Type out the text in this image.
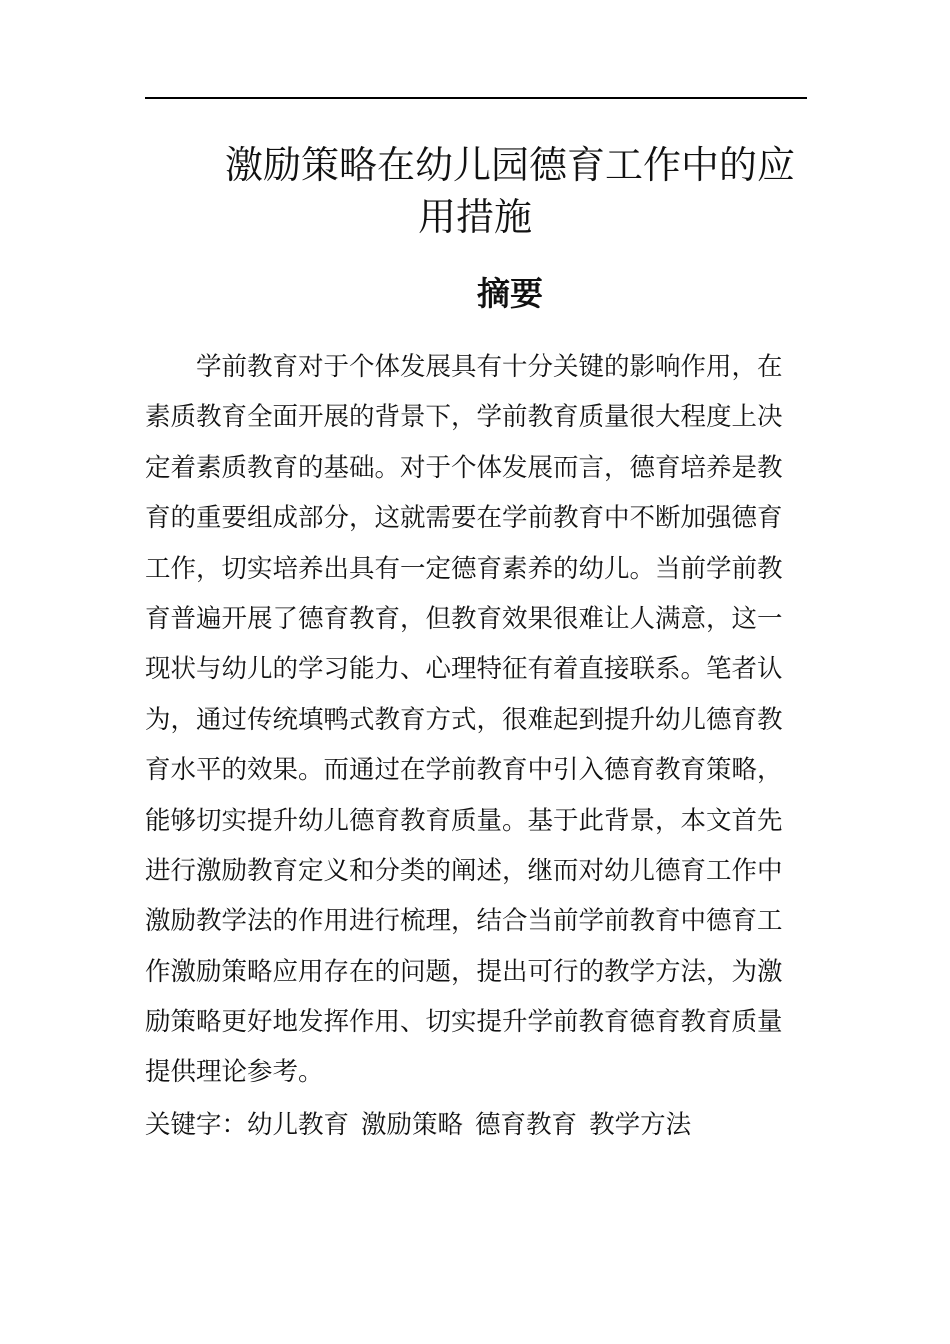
激励策略在幼儿园德育工作中的应
用措施
摘要
学前教育对于个体发展具有十分关键的影响作用，在
素质教育全面开展的背景下，学前教育质量很大程度上决
定着素质教育的基础。对于个体发展而言，德育培养是教
育的重要组成部分，这就需要在学前教育中不断加强德育
工作，切实培养出具有一定德育素养的幼儿。当前学前教
育普遍开展了德育教育，但教育效果很难让人满意，这一
现状与幼儿的学习能力、心理特征有着直接联系。笔者认
为，通过传统填鸭式教育方式，很难起到提升幼儿德育教
育水平的效果。而通过在学前教育中引入德育教育策略，
能够切实提升幼儿德育教育质量。基于此背景，本文首先
进行激励教育定义和分类的阐述，继而对幼儿德育工作中
激励教学法的作用进行梳理，结合当前学前教育中德育工
作激励策略应用存在的问题，提出可行的教学方法，为激
励策略更好地发挥作用、切实提升学前教育德育教育质量
提供理论参考。
关键字：幼儿教育 激励策略 德育教育 教学方法
